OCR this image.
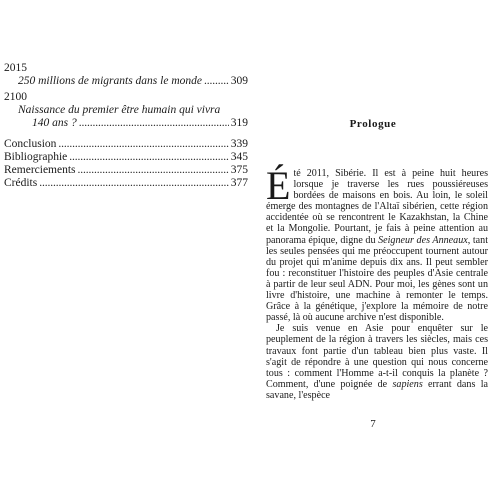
2015
250 millions de migrants dans le monde . . .	309
2100
Naissance du premier être humain qui vivra
140 ans ? . . .	319
Conclusion . . .	339
Bibliographie . . .	345
Remerciements . . .	375
Crédits . . .	377
Prologue

Été 2011, Sibérie. Il est à peine huit heures lorsque je traverse les rues poussiéreuses bordées de maisons en bois. Au loin, le soleil émerge des montagnes de l'Altaï sibérien, cette région accidentée où se rencontrent le Kazakhstan, la Chine et la Mongolie. Pourtant, je fais à peine attention au panorama épique, digne du Seigneur des Anneaux, tant les seules pensées qui me préoccupent tournent autour du projet qui m'anime depuis dix ans. Il peut sembler fou : reconstituer l'histoire des peuples d'Asie centrale à partir de leur seul ADN. Pour moi, les gènes sont un livre d'histoire, une machine à remonter le temps. Grâce à la génétique, j'explore la mémoire de notre passé, là où aucune archive n'est disponible.

Je suis venue en Asie pour enquêter sur le peuplement de la région à travers les siècles, mais ces travaux font partie d'un tableau bien plus vaste. Il s'agit de répondre à une question qui nous concerne tous : comment l'Homme a-t-il conquis la planète ? Comment, d'une poignée de sapiens errant dans la savane, l'espèce

7
